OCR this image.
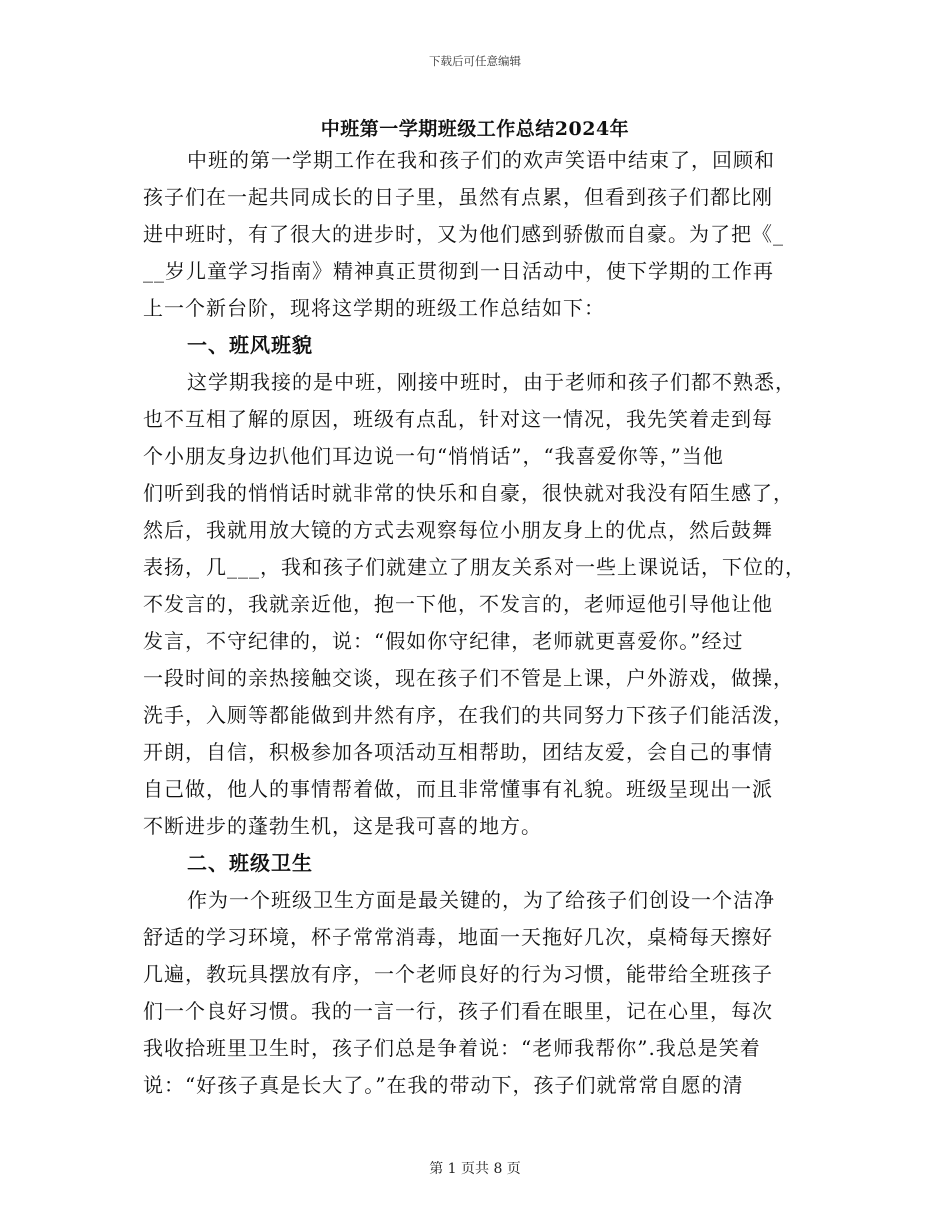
下载后可任意编辑
中班第一学期班级工作总结2024年
中班的第一学期工作在我和孩子们的欢声笑语中结束了，回顾和
孩子们在一起共同成长的日子里，虽然有点累，但看到孩子们都比刚
进中班时，有了很大的进步时，又为他们感到骄傲而自豪。为了把《_
__岁儿童学习指南》精神真正贯彻到一日活动中，使下学期的工作再
上一个新台阶，现将这学期的班级工作总结如下：
一、班风班貌
这学期我接的是中班，刚接中班时，由于老师和孩子们都不熟悉，
也不互相了解的原因，班级有点乱，针对这一情况，我先笑着走到每
个小朋友身边扒他们耳边说一句“悄悄话”，“我喜爱你等，”当他
们听到我的悄悄话时就非常的快乐和自豪，很快就对我没有陌生感了，
然后，我就用放大镜的方式去观察每位小朋友身上的优点，然后鼓舞
表扬，几___，我和孩子们就建立了朋友关系对一些上课说话，下位的，
不发言的，我就亲近他，抱一下他，不发言的，老师逗他引导他让他
发言，不守纪律的，说：“假如你守纪律，老师就更喜爱你。”经过
一段时间的亲热接触交谈，现在孩子们不管是上课，户外游戏，做操，
洗手，入厕等都能做到井然有序，在我们的共同努力下孩子们能活泼，
开朗，自信，积极参加各项活动互相帮助，团结友爱，会自己的事情
自己做，他人的事情帮着做，而且非常懂事有礼貌。班级呈现出一派
不断进步的蓬勃生机，这是我可喜的地方。
二、班级卫生
作为一个班级卫生方面是最关键的，为了给孩子们创设一个洁净
舒适的学习环境，杯子常常消毒，地面一天拖好几次，桌椅每天擦好
几遍，教玩具摆放有序，一个老师良好的行为习惯，能带给全班孩子
们一个良好习惯。我的一言一行，孩子们看在眼里，记在心里，每次
我收拾班里卫生时，孩子们总是争着说：“老师我帮你”.我总是笑着
说：“好孩子真是长大了。”在我的带动下，孩子们就常常自愿的清
第 1 页共 8 页
